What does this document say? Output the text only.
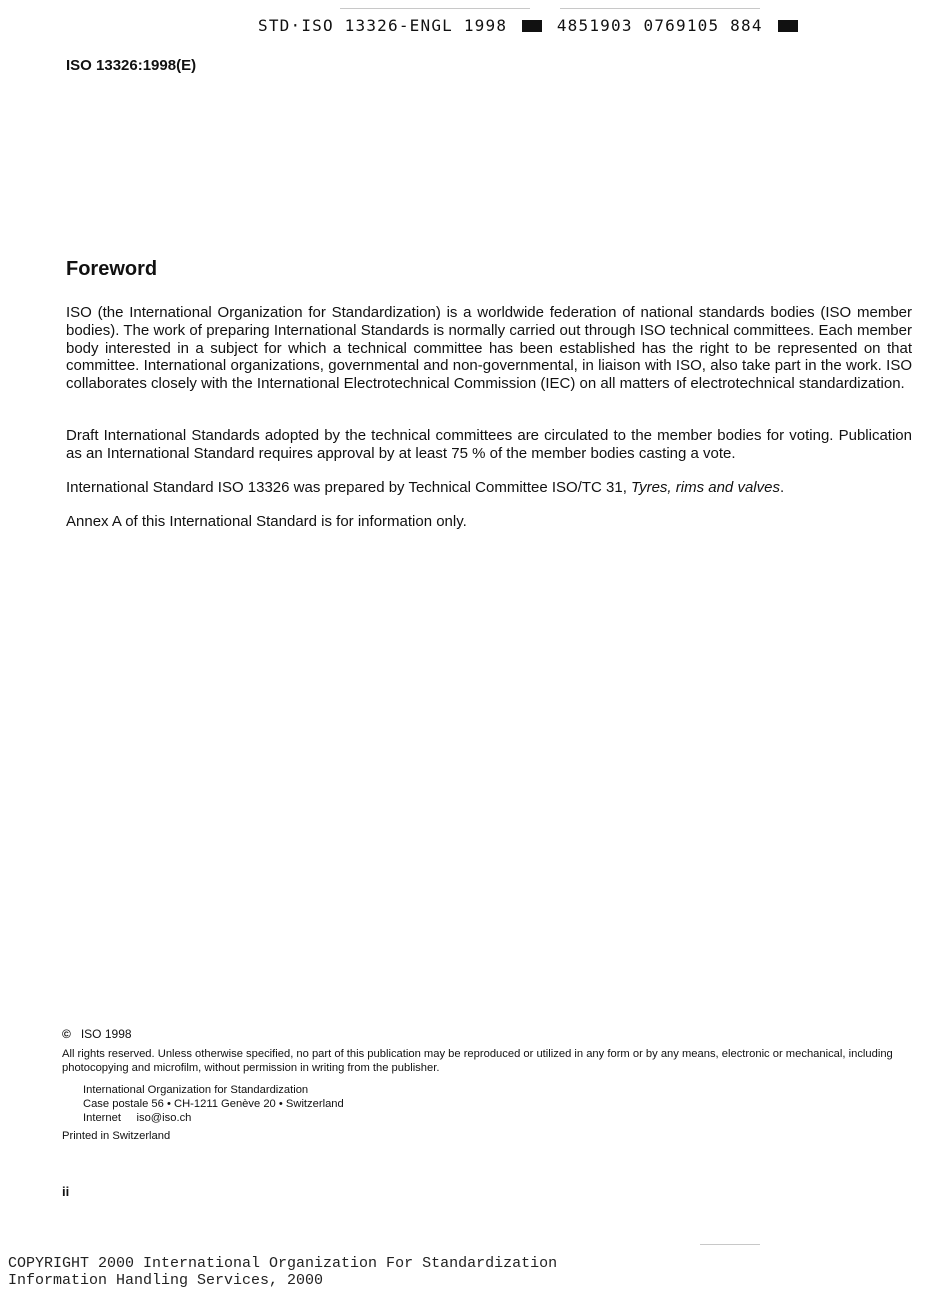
STD·ISO 13326-ENGL 1998	4851903 0769105 884
ISO 13326:1998(E)
Foreword
ISO (the International Organization for Standardization) is a worldwide federation of national standards bodies (ISO member bodies). The work of preparing International Standards is normally carried out through ISO technical committees. Each member body interested in a subject for which a technical committee has been established has the right to be represented on that committee. International organizations, governmental and non-governmental, in liaison with ISO, also take part in the work. ISO collaborates closely with the International Electrotechnical Commission (IEC) on all matters of electrotechnical standardization.
Draft International Standards adopted by the technical committees are circulated to the member bodies for voting. Publication as an International Standard requires approval by at least 75 % of the member bodies casting a vote.
International Standard ISO 13326 was prepared by Technical Committee ISO/TC 31, Tyres, rims and valves.
Annex A of this International Standard is for information only.
© ISO 1998
All rights reserved. Unless otherwise specified, no part of this publication may be reproduced or utilized in any form or by any means, electronic or mechanical, including photocopying and microfilm, without permission in writing from the publisher.
International Organization for Standardization
Case postale 56 • CH-1211 Genève 20 • Switzerland
Internet iso@iso.ch
Printed in Switzerland
ii
COPYRIGHT 2000 International Organization For Standardization
Information Handling Services, 2000
